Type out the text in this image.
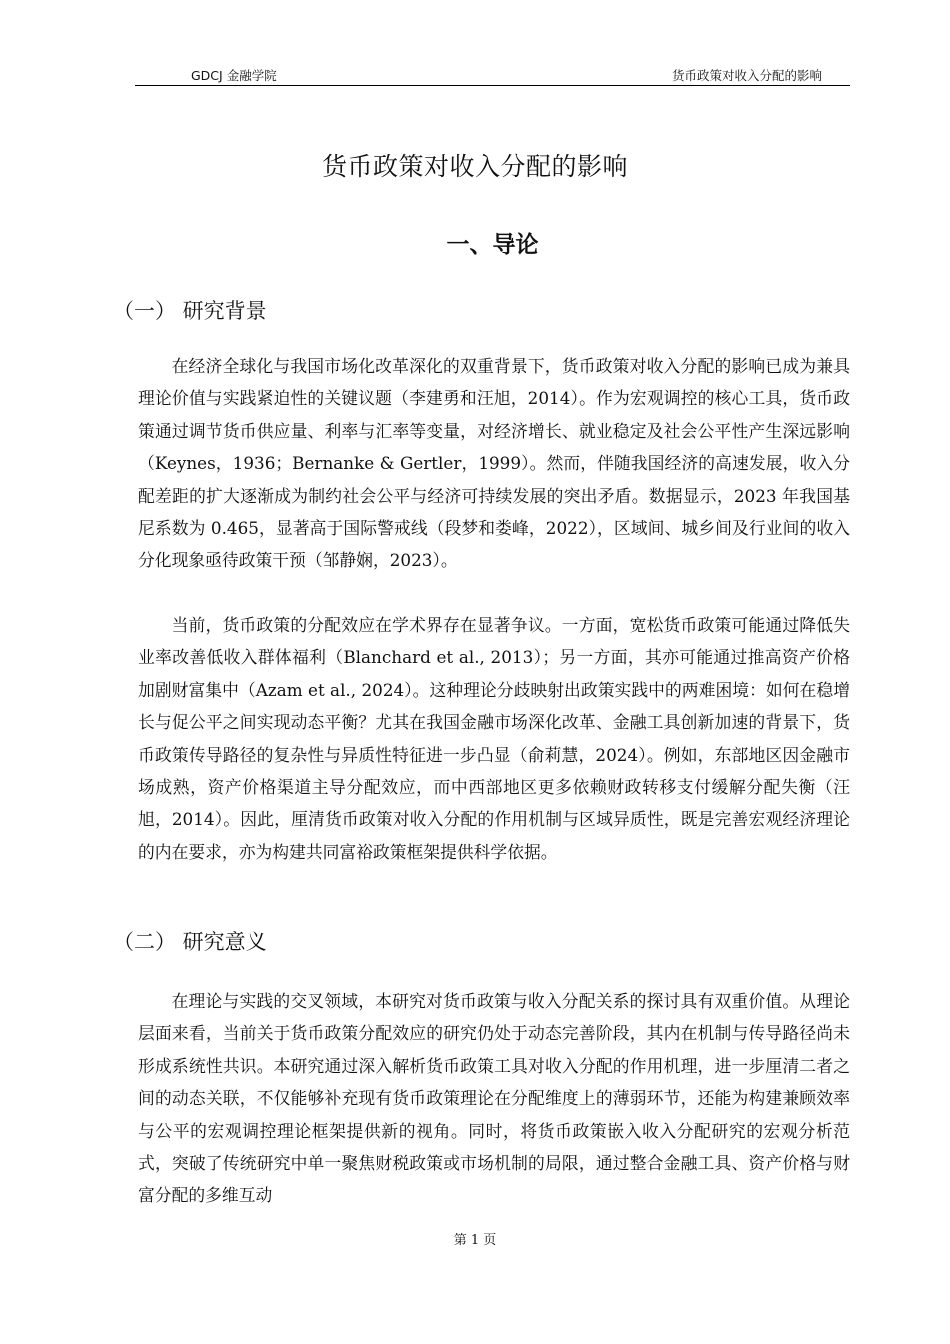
GDCJ 金融学院	货币政策对收入分配的影响
货币政策对收入分配的影响
一、导论
（一） 研究背景

在经济全球化与我国市场化改革深化的双重背景下，货币政策对收入分配的影响已成为兼具理论价值与实践紧迫性的关键议题（李建勇和汪旭，2014）。作为宏观调控的核心工具，货币政策通过调节货币供应量、利率与汇率等变量，对经济增长、就业稳定及社会公平性产生深远影响（Keynes，1936；Bernanke & Gertler，1999）。然而，伴随我国经济的高速发展，收入分配差距的扩大逐渐成为制约社会公平与经济可持续发展的突出矛盾。数据显示，2023 年我国基尼系数为 0.465，显著高于国际警戒线（段梦和娄峰，2022），区域间、城乡间及行业间的收入分化现象亟待政策干预（邹静娴，2023）。

当前，货币政策的分配效应在学术界存在显著争议。一方面，宽松货币政策可能通过降低失业率改善低收入群体福利（Blanchard et al., 2013）；另一方面，其亦可能通过推高资产价格加剧财富集中（Azam et al., 2024）。这种理论分歧映射出政策实践中的两难困境：如何在稳增长与促公平之间实现动态平衡？尤其在我国金融市场深化改革、金融工具创新加速的背景下，货币政策传导路径的复杂性与异质性特征进一步凸显（俞莉慧，2024）。例如，东部地区因金融市场成熟，资产价格渠道主导分配效应，而中西部地区更多依赖财政转移支付缓解分配失衡（汪旭，2014）。因此，厘清货币政策对收入分配的作用机制与区域异质性，既是完善宏观经济理论的内在要求，亦为构建共同富裕政策框架提供科学依据。

（二） 研究意义

在理论与实践的交叉领域，本研究对货币政策与收入分配关系的探讨具有双重价值。从理论层面来看，当前关于货币政策分配效应的研究仍处于动态完善阶段，其内在机制与传导路径尚未形成系统性共识。本研究通过深入解析货币政策工具对收入分配的作用机理，进一步厘清二者之间的动态关联，不仅能够补充现有货币政策理论在分配维度上的薄弱环节，还能为构建兼顾效率与公平的宏观调控理论框架提供新的视角。同时，将货币政策嵌入收入分配研究的宏观分析范式，突破了传统研究中单一聚焦财税政策或市场机制的局限，通过整合金融工具、资产价格与财富分配的多维互动

第 1 页
